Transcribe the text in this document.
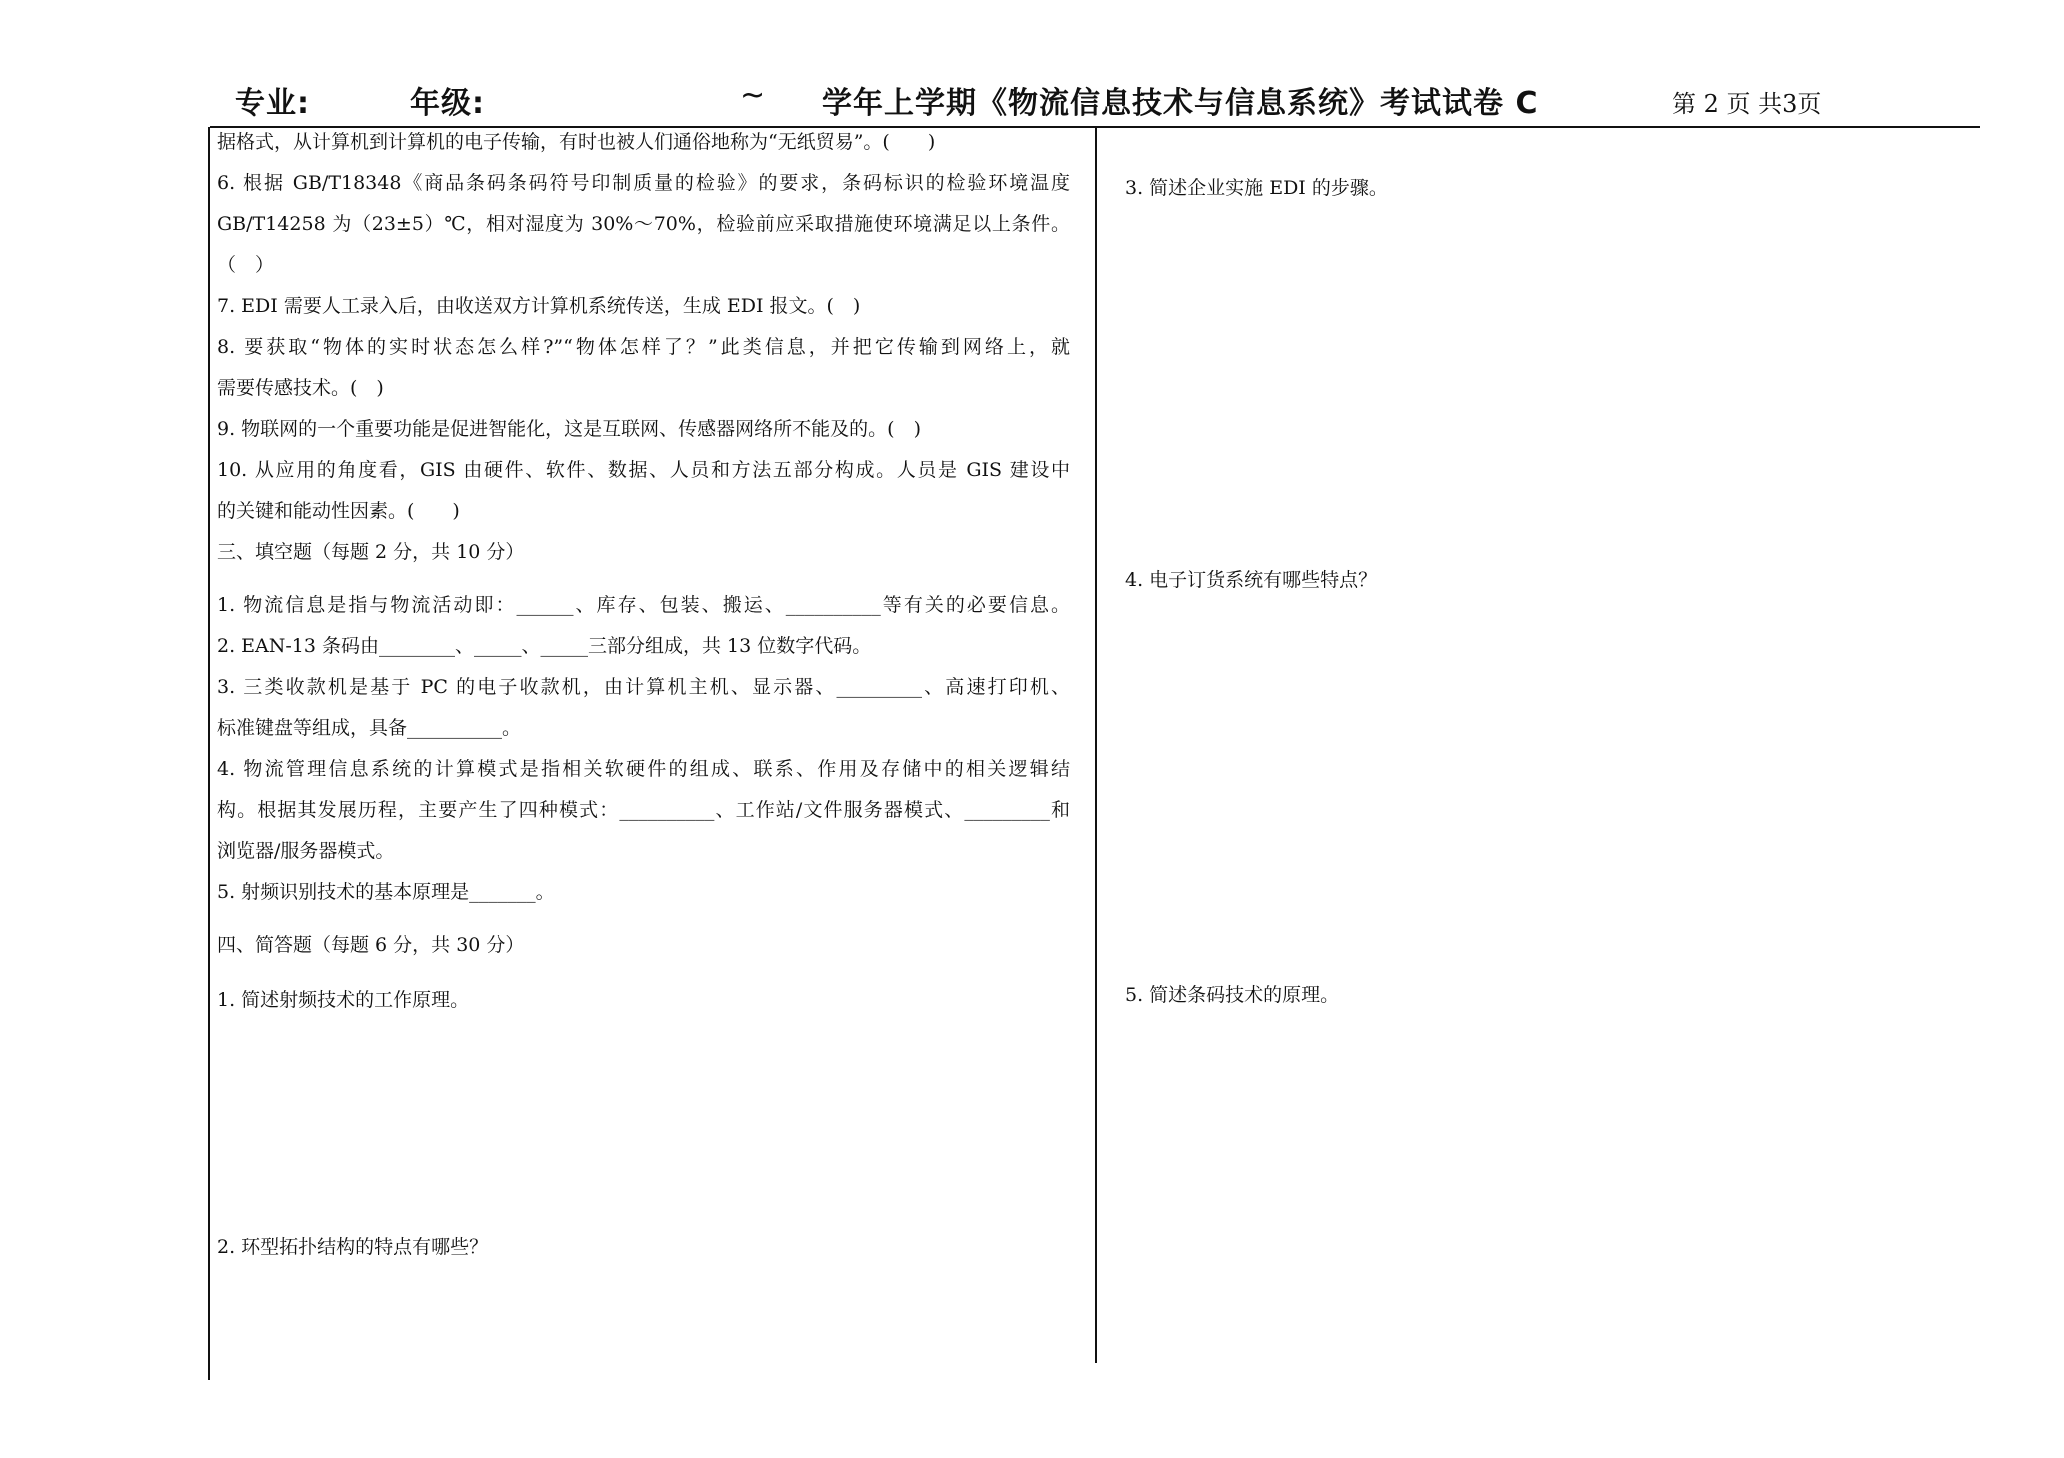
专业:	年级:	~ 学年上学期《物流信息技术与信息系统》考试试卷 C	第 2 页 共3页
据格式，从计算机到计算机的电子传输，有时也被人们通俗地称为“无纸贸易”。(　　)
6. 根据 GB/T18348《商品条码条码符号印制质量的检验》的要求，条码标识的检验环境温度
GB/T14258 为（23±5）℃，相对湿度为 30%～70%，检验前应采取措施使环境满足以上条件。
（　）
7. EDI 需要人工录入后，由收送双方计算机系统传送，生成 EDI 报文。(　)
8. 要获取“物体的实时状态怎么样?”“物体怎样了？”此类信息，并把它传输到网络上，就
需要传感技术。(　)
9. 物联网的一个重要功能是促进智能化，这是互联网、传感器网络所不能及的。(　)
10. 从应用的角度看，GIS 由硬件、软件、数据、人员和方法五部分构成。人员是 GIS 建设中
的关键和能动性因素。(　　)
三、填空题（每题 2 分，共 10 分）
1. 物流信息是指与物流活动即：______、库存、包装、搬运、__________等有关的必要信息。
2. EAN-13 条码由________、_____、_____三部分组成，共 13 位数字代码。
3. 三类收款机是基于 PC 的电子收款机，由计算机主机、显示器、_________、高速打印机、
标准键盘等组成，具备__________。
4. 物流管理信息系统的计算模式是指相关软硬件的组成、联系、作用及存储中的相关逻辑结
构。根据其发展历程，主要产生了四种模式：__________、工作站/文件服务器模式、_________和
浏览器/服务器模式。
5. 射频识别技术的基本原理是_______。
四、简答题（每题 6 分，共 30 分）
1. 简述射频技术的工作原理。
2. 环型拓扑结构的特点有哪些？
3. 简述企业实施 EDI 的步骤。
4. 电子订货系统有哪些特点？
5. 简述条码技术的原理。
